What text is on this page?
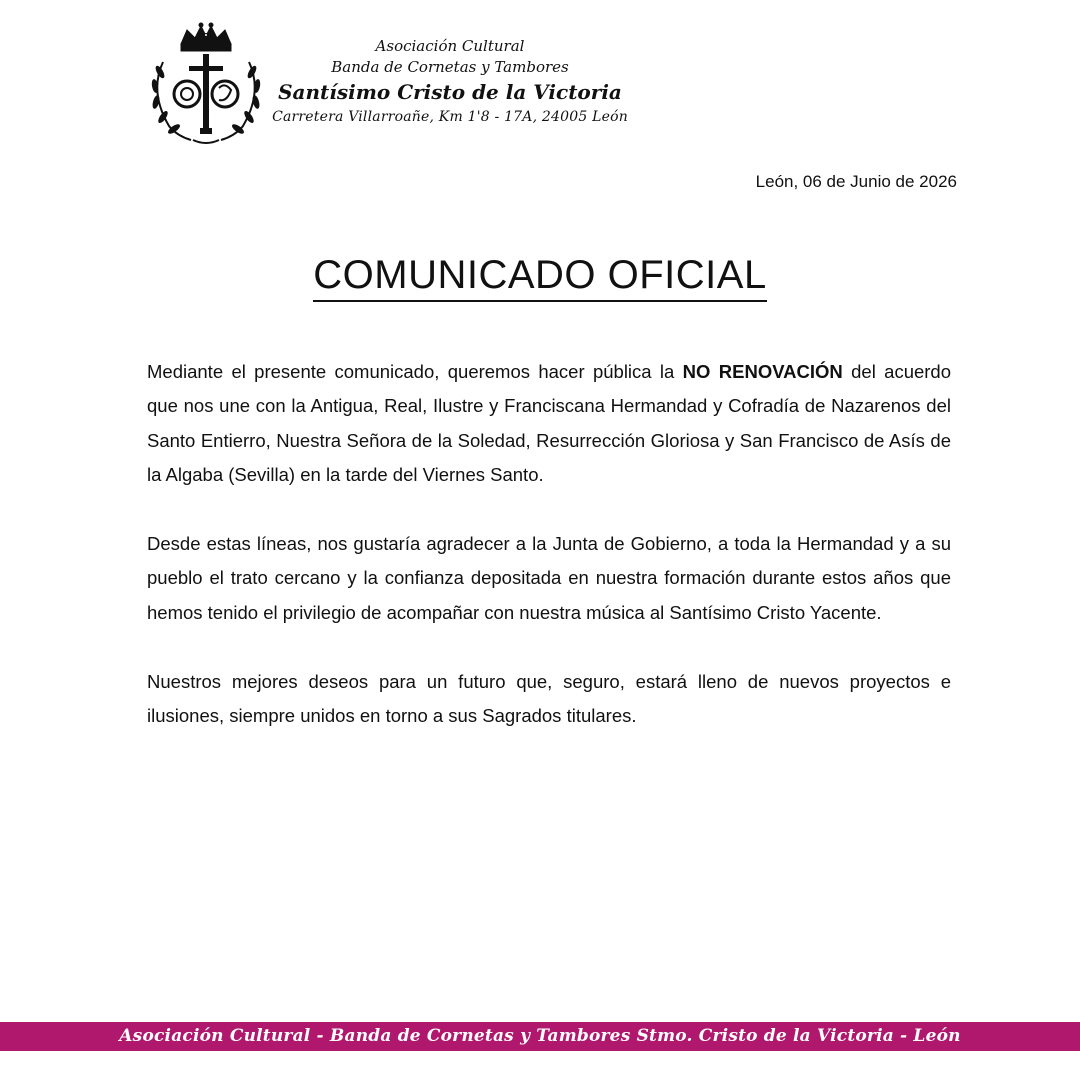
Asociación Cultural
Banda de Cornetas y Tambores
Santísimo Cristo de la Victoria
Carretera Villarroañe, Km 1'8 - 17A, 24005 León
León, 06 de Junio de 2026
COMUNICADO OFICIAL

Mediante el presente comunicado, queremos hacer pública la NO RENOVACIÓN del acuerdo que nos une con la Antigua, Real, Ilustre y Franciscana Hermandad y Cofradía de Nazarenos del Santo Entierro, Nuestra Señora de la Soledad, Resurrección Gloriosa y San Francisco de Asís de la Algaba (Sevilla) en la tarde del Viernes Santo.

Desde estas líneas, nos gustaría agradecer a la Junta de Gobierno, a toda la Hermandad y a su pueblo el trato cercano y la confianza depositada en nuestra formación durante estos años que hemos tenido el privilegio de acompañar con nuestra música al Santísimo Cristo Yacente.

Nuestros mejores deseos para un futuro que, seguro, estará lleno de nuevos proyectos e ilusiones, siempre unidos en torno a sus Sagrados titulares.

Asociación Cultural - Banda de Cornetas y Tambores Stmo. Cristo de la Victoria - León
